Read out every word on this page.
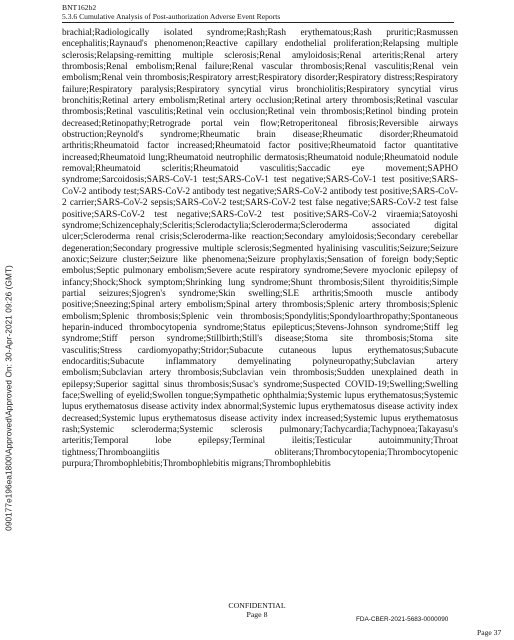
BNT162b2
5.3.6 Cumulative Analysis of Post-authorization Adverse Event Reports
brachial;Radiologically isolated syndrome;Rash;Rash erythematous;Rash pruritic;Rasmussen encephalitis;Raynaud's phenomenon;Reactive capillary endothelial proliferation;Relapsing multiple sclerosis;Relapsing-remitting multiple sclerosis;Renal amyloidosis;Renal arteritis;Renal artery thrombosis;Renal embolism;Renal failure;Renal vascular thrombosis;Renal vasculitis;Renal vein embolism;Renal vein thrombosis;Respiratory arrest;Respiratory disorder;Respiratory distress;Respiratory failure;Respiratory paralysis;Respiratory syncytial virus bronchiolitis;Respiratory syncytial virus bronchitis;Retinal artery embolism;Retinal artery occlusion;Retinal artery thrombosis;Retinal vascular thrombosis;Retinal vasculitis;Retinal vein occlusion;Retinal vein thrombosis;Retinol binding protein decreased;Retinopathy;Retrograde portal vein flow;Retroperitoneal fibrosis;Reversible airways obstruction;Reynold's syndrome;Rheumatic brain disease;Rheumatic disorder;Rheumatoid arthritis;Rheumatoid factor increased;Rheumatoid factor positive;Rheumatoid factor quantitative increased;Rheumatoid lung;Rheumatoid neutrophilic dermatosis;Rheumatoid nodule;Rheumatoid nodule removal;Rheumatoid scleritis;Rheumatoid vasculitis;Saccadic eye movement;SAPHO syndrome;Sarcoidosis;SARS-CoV-1 test;SARS-CoV-1 test negative;SARS-CoV-1 test positive;SARS-CoV-2 antibody test;SARS-CoV-2 antibody test negative;SARS-CoV-2 antibody test positive;SARS-CoV-2 carrier;SARS-CoV-2 sepsis;SARS-CoV-2 test;SARS-CoV-2 test false negative;SARS-CoV-2 test false positive;SARS-CoV-2 test negative;SARS-CoV-2 test positive;SARS-CoV-2 viraemia;Satoyoshi syndrome;Schizencephaly;Scleritis;Sclerodactylia;Scleroderma;Scleroderma associated digital ulcer;Scleroderma renal crisis;Scleroderma-like reaction;Secondary amyloidosis;Secondary cerebellar degeneration;Secondary progressive multiple sclerosis;Segmented hyalinising vasculitis;Seizure;Seizure anoxic;Seizure cluster;Seizure like phenomena;Seizure prophylaxis;Sensation of foreign body;Septic embolus;Septic pulmonary embolism;Severe acute respiratory syndrome;Severe myoclonic epilepsy of infancy;Shock;Shock symptom;Shrinking lung syndrome;Shunt thrombosis;Silent thyroiditis;Simple partial seizures;Sjogren's syndrome;Skin swelling;SLE arthritis;Smooth muscle antibody positive;Sneezing;Spinal artery embolism;Spinal artery thrombosis;Splenic artery thrombosis;Splenic embolism;Splenic thrombosis;Splenic vein thrombosis;Spondylitis;Spondyloarthropathy;Spontaneous heparin-induced thrombocytopenia syndrome;Status epilepticus;Stevens-Johnson syndrome;Stiff leg syndrome;Stiff person syndrome;Stillbirth;Still's disease;Stoma site thrombosis;Stoma site vasculitis;Stress cardiomyopathy;Stridor;Subacute cutaneous lupus erythematosus;Subacute endocarditis;Subacute inflammatory demyelinating polyneuropathy;Subclavian artery embolism;Subclavian artery thrombosis;Subclavian vein thrombosis;Sudden unexplained death in epilepsy;Superior sagittal sinus thrombosis;Susac's syndrome;Suspected COVID-19;Swelling;Swelling face;Swelling of eyelid;Swollen tongue;Sympathetic ophthalmia;Systemic lupus erythematosus;Systemic lupus erythematosus disease activity index abnormal;Systemic lupus erythematosus disease activity index decreased;Systemic lupus erythematosus disease activity index increased;Systemic lupus erythematosus rash;Systemic scleroderma;Systemic sclerosis pulmonary;Tachycardia;Tachypnoea;Takayasu's arteritis;Temporal lobe epilepsy;Terminal ileitis;Testicular autoimmunity;Throat tightness;Thromboangiitis obliterans;Thrombocytopenia;Thrombocytopenic purpura;Thrombophlebitis;Thrombophlebitis migrans;Thrombophlebitis
090177e196ea1800\Approved\Approved On: 30-Apr-2021 09:26 (GMT)
CONFIDENTIAL
Page 8
FDA-CBER-2021-5683-0000090
Page 37
